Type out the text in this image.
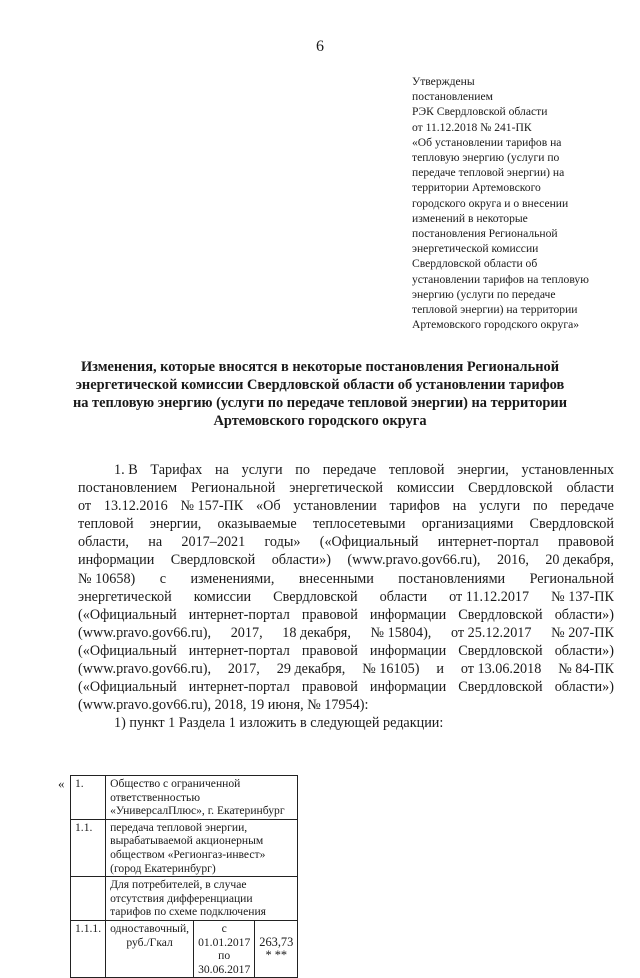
6
Утверждены
постановлением
РЭК Свердловской области
от 11.12.2018 № 241-ПК
«Об установлении тарифов на
тепловую энергию (услуги по
передаче тепловой энергии) на
территории Артемовского
городского округа и о внесении
изменений в некоторые
постановления Региональной
энергетической комиссии
Свердловской области об
установлении тарифов на тепловую
энергию (услуги по передаче
тепловой энергии) на территории
Артемовского городского округа»
Изменения, которые вносятся в некоторые постановления Региональной
энергетической комиссии Свердловской области об установлении тарифов
на тепловую энергию (услуги по передаче тепловой энергии) на территории
Артемовского городского округа
1. В Тарифах на услуги по передаче тепловой энергии, установленных
постановлением Региональной энергетической комиссии Свердловской области
от 13.12.2016 № 157-ПК «Об установлении тарифов на услуги по передаче
тепловой энергии, оказываемые теплосетевыми организациями Свердловской
области, на 2017–2021 годы» («Официальный интернет-портал правовой
информации Свердловской области») (www.pravo.gov66.ru), 2016, 20 декабря,
№ 10658) с изменениями, внесенными постановлениями Региональной
энергетической комиссии Свердловской области от 11.12.2017 № 137-ПК
(«Официальный интернет-портал правовой информации Свердловской области»)
(www.pravo.gov66.ru), 2017, 18 декабря, № 15804), от 25.12.2017 № 207-ПК
(«Официальный интернет-портал правовой информации Свердловской области»)
(www.pravo.gov66.ru), 2017, 29 декабря, № 16105) и от 13.06.2018 № 84-ПК
(«Официальный интернет-портал правовой информации Свердловской области»)
(www.pravo.gov66.ru), 2018, 19 июня, № 17954):
1) пункт 1 Раздела 1 изложить в следующей редакции:
« 1.	Общество с ограниченной ответственностью «УниверсалПлюс», г. Екатеринбург		
1.1.	передача тепловой энергии, вырабатываемой акционерным обществом «Регионгаз-инвест» (город Екатеринбург)		
	Для потребителей, в случае отсутствия дифференциации тарифов по схеме подключения		
1.1.1.	одноставочный, руб./Гкал	с 01.01.2017 по 30.06.2017	263,73 * **
